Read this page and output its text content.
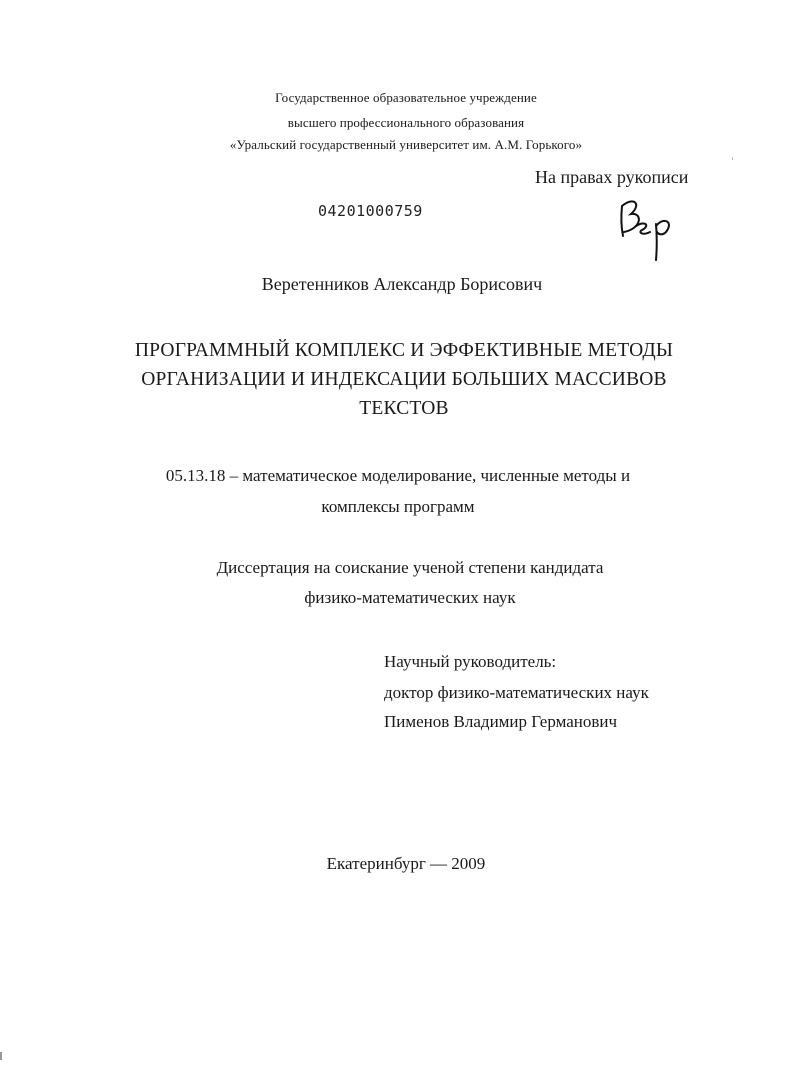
Государственное образовательное учреждение
высшего профессионального образования
«Уральский государственный университет им. А.М. Горького»
На правах рукописи
04201000759
Веретенников Александр Борисович
ПРОГРАММНЫЙ КОМПЛЕКС И ЭФФЕКТИВНЫЕ МЕТОДЫ
ОРГАНИЗАЦИИ И ИНДЕКСАЦИИ БОЛЬШИХ МАССИВОВ
ТЕКСТОВ
05.13.18 – математическое моделирование, численные методы и
комплексы программ
Диссертация на соискание ученой степени кандидата
физико-математических наук
Научный руководитель:
доктор физико-математических наук
Пименов Владимир Германович
Екатеринбург — 2009
